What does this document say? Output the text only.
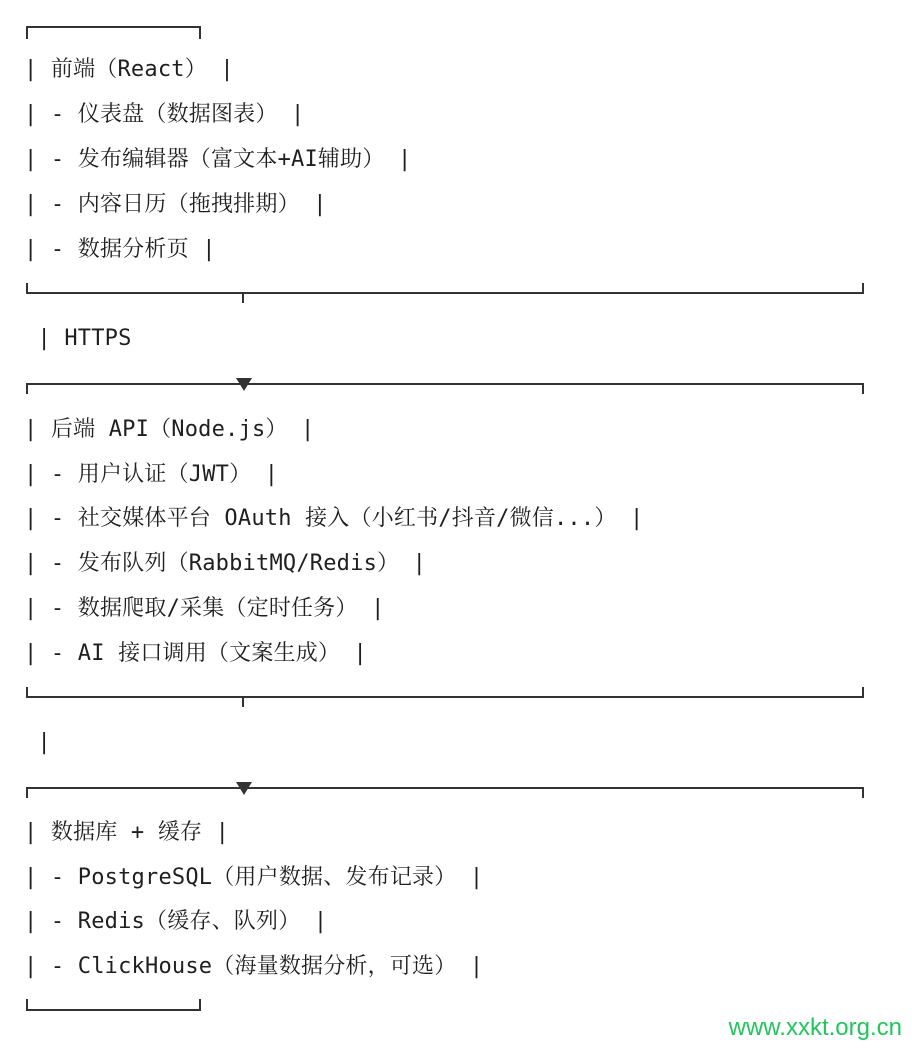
| 前端（React） |
| - 仪表盘（数据图表） |
| - 发布编辑器（富文本+AI辅助） |
| - 内容日历（拖拽排期） |
| - 数据分析页 |
| HTTPS
| 后端 API（Node.js） |
| - 用户认证（JWT） |
| - 社交媒体平台 OAuth 接入（小红书/抖音/微信...） |
| - 发布队列（RabbitMQ/Redis） |
| - 数据爬取/采集（定时任务） |
| - AI 接口调用（文案生成） |
|
| 数据库 + 缓存 |
| - PostgreSQL（用户数据、发布记录） |
| - Redis（缓存、队列） |
| - ClickHouse（海量数据分析，可选） |
www.xxkt.org.cn
